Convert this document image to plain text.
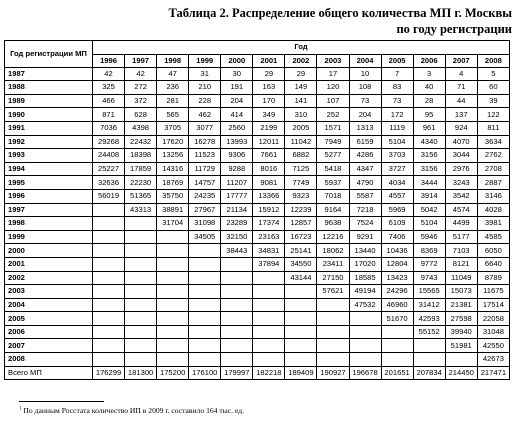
Таблица 2. Распределение общего количества МП г. Москвы
по году регистрации
Год регистрации МП	Год												
	1996	1997	1998	1999	2000	2001	2002	2003	2004	2005	2006	2007	2008
1987	42	42	47	31	30	29	29	17	10	7	3	4	5
1988	325	272	236	210	191	163	149	120	108	83	40	71	60
1989	466	372	281	228	204	170	141	107	73	73	28	44	39
1990	871	628	565	462	414	349	310	252	204	172	95	137	122
1991	7036	4398	3705	3077	2560	2199	2005	1571	1313	1119	961	924	811
1992	29268	22432	17620	16278	13993	12011	11042	7949	6159	5104	4340	4070	3634
1993	24408	18398	13256	11523	9306	7661	6882	5277	4286	3703	3156	3044	2762
1994	25227	17859	14316	11729	9288	8016	7125	5418	4347	3727	3156	2976	2708
1995	32636	22230	18769	14757	11207	9081	7749	5937	4790	4034	3444	3243	2887
1996	56019	51365	35750	24235	17777	13366	9323	7018	5587	4557	3914	3542	3146
1997		43313	38891	27967	21134	15912	12239	9164	7218	5969	5042	4574	4028
1998			31704	31098	23289	17374	12857	9638	7524	6109	5104	4499	3981
1999				34505	32150	23163	16723	12216	9291	7406	5946	5177	4585
2000					38443	34831	25141	18062	13440	10436	8369	7103	6050
2001						37894	34550	23411	17020	12804	9772	8121	6640
2002							43144	27150	18585	13423	9743	11049	8789
2003								57621	49194	24296	15565	15073	11675
2004									47532	46960	31412	21381	17514
2005										51670	42593	27598	22058
2006											55152	39940	31048
2007												51981	42550
2008													42673
Всего МП	176299	181300	175200	176100	179997	182218	189409	190927	196678	201651	207834	214450	217471
$^1$ По данным Росстата количество ИП в 2009 г. составило 164 тыс. ед.
